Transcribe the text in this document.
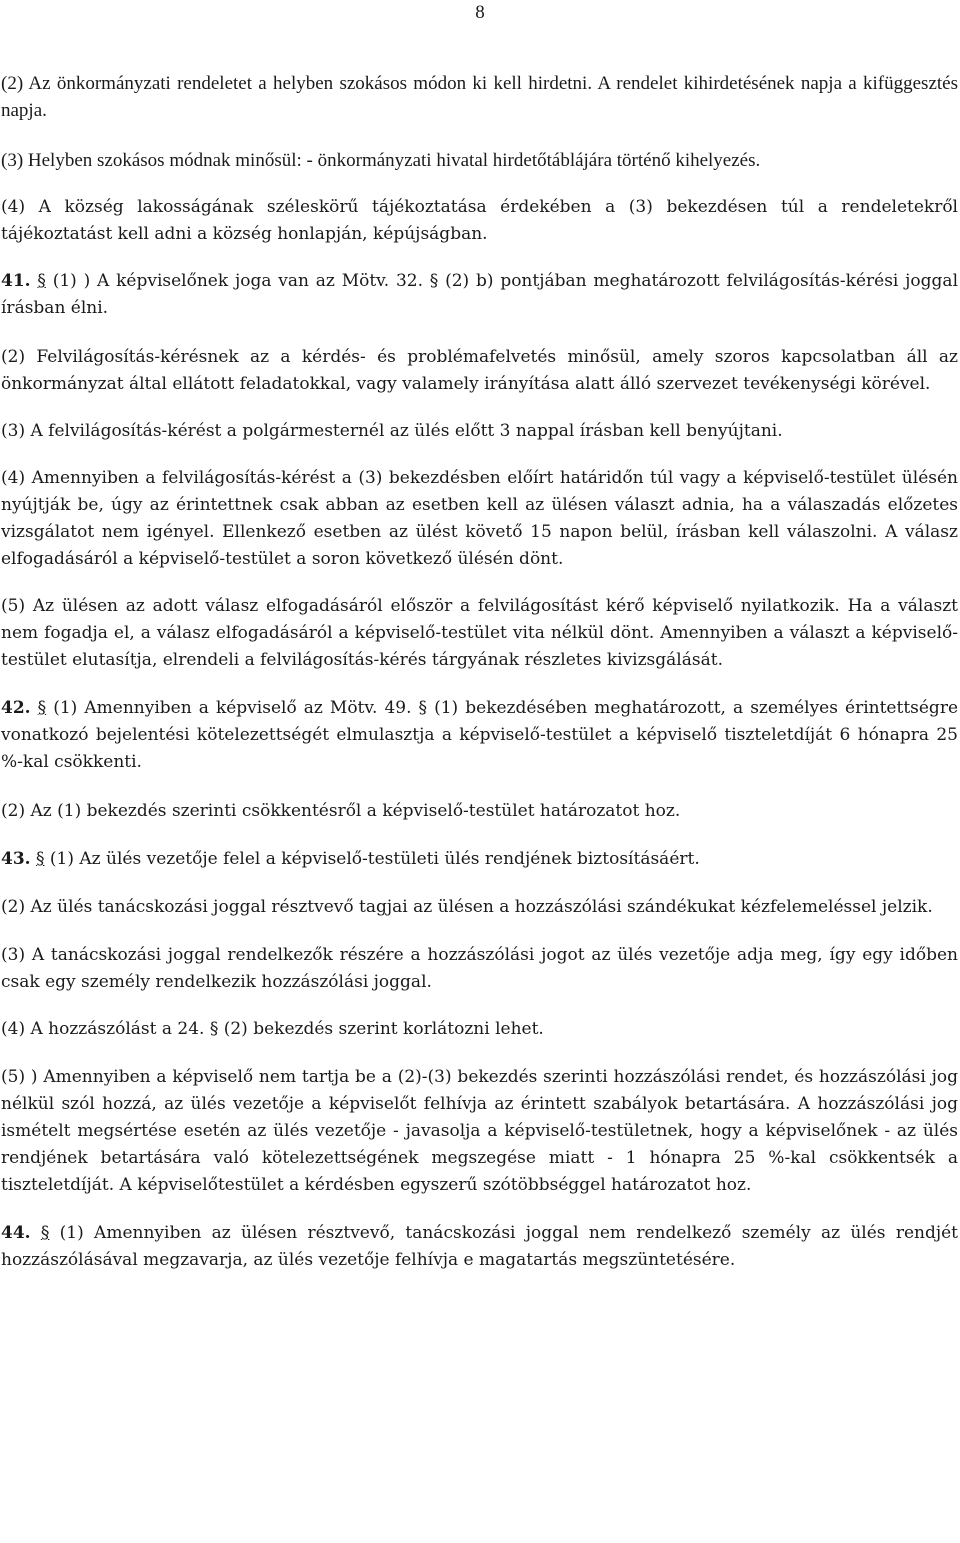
8

(2) Az önkormányzati rendeletet a helyben szokásos módon ki kell hirdetni. A rendelet kihirdetésének napja a kifüggesztés napja.

(3) Helyben szokásos módnak minősül: - önkormányzati hivatal hirdetőtáblájára történő kihelyezés.

(4) A község lakosságának széleskörű tájékoztatása érdekében a (3) bekezdésen túl a rendeletekről tájékoztatást kell adni a község honlapján, képújságban.

41. § (1) ) A képviselőnek joga van az Mötv. 32. § (2) b) pontjában meghatározott felvilágosítás-kérési joggal írásban élni.

(2) Felvilágosítás-kérésnek az a kérdés- és problémafelvetés minősül, amely szoros kapcsolatban áll az önkormányzat által ellátott feladatokkal, vagy valamely irányítása alatt álló szervezet tevékenységi körével.

(3) A felvilágosítás-kérést a polgármesternél az ülés előtt 3 nappal írásban kell benyújtani.

(4) Amennyiben a felvilágosítás-kérést a (3) bekezdésben előírt határidőn túl vagy a képviselő-testület ülésén nyújtják be, úgy az érintettnek csak abban az esetben kell az ülésen választ adnia, ha a válaszadás előzetes vizsgálatot nem igényel. Ellenkező esetben az ülést követő 15 napon belül, írásban kell válaszolni. A válasz elfogadásáról a képviselő-testület a soron következő ülésén dönt.

(5) Az ülésen az adott válasz elfogadásáról először a felvilágosítást kérő képviselő nyilatkozik. Ha a választ nem fogadja el, a válasz elfogadásáról a képviselő-testület vita nélkül dönt. Amennyiben a választ a képviselő-testület elutasítja, elrendeli a felvilágosítás-kérés tárgyának részletes kivizsgálását.

42. § (1) Amennyiben a képviselő az Mötv. 49. § (1) bekezdésében meghatározott, a személyes érintettségre vonatkozó bejelentési kötelezettségét elmulasztja a képviselő-testület a képviselő tiszteletdíját 6 hónapra 25 %-kal csökkenti.

(2) Az (1) bekezdés szerinti csökkentésről a képviselő-testület határozatot hoz.

43. § (1) Az ülés vezetője felel a képviselő-testületi ülés rendjének biztosításáért.

(2) Az ülés tanácskozási joggal résztvevő tagjai az ülésen a hozzászólási szándékukat kézfelemeléssel jelzik.

(3) A tanácskozási joggal rendelkezők részére a hozzászólási jogot az ülés vezetője adja meg, így egy időben csak egy személy rendelkezik hozzászólási joggal.

(4) A hozzászólást a 24. § (2) bekezdés szerint korlátozni lehet.

(5) ) Amennyiben a képviselő nem tartja be a (2)-(3) bekezdés szerinti hozzászólási rendet, és hozzászólási jog nélkül szól hozzá, az ülés vezetője a képviselőt felhívja az érintett szabályok betartására. A hozzászólási jog ismételt megsértése esetén az ülés vezetője - javasolja a képviselő-testületnek, hogy a képviselőnek - az ülés rendjének betartására való kötelezettségének megszegése miatt - 1 hónapra 25 %-kal csökkentsék a tiszteletdíját. A képviselőtestület a kérdésben egyszerű szótöbbséggel határozatot hoz.

44. § (1) Amennyiben az ülésen résztvevő, tanácskozási joggal nem rendelkező személy az ülés rendjét hozzászólásával megzavarja, az ülés vezetője felhívja e magatartás megszüntetésére.
